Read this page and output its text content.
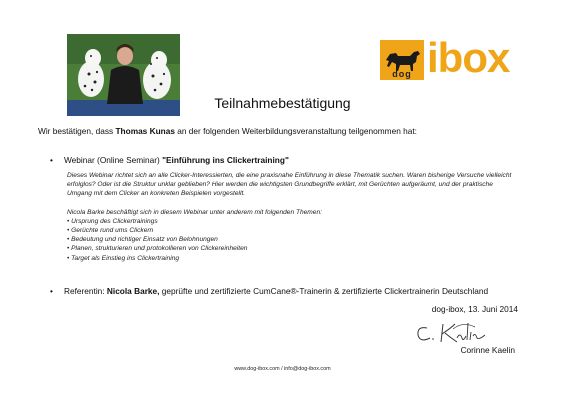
dog ibox
Teilnahmebestätigung
Wir bestätigen, dass Thomas Kunas an der folgenden Weiterbildungsveranstaltung teilgenommen hat:
• Webinar (Online Seminar) "Einführung ins Clickertraining"

Dieses Webinar richtet sich an alle Clicker-Interessierten, die eine praxisnahe Einführung in diese Thematik suchen. Waren bisherige Versuche vielleicht erfolglos? Oder ist die Struktur unklar geblieben? Hier werden die wichtigsten Grundbegriffe erklärt, mit Gerüchten aufgeräumt, und der praktische Umgang mit dem Clicker an konkreten Beispielen vorgestellt.

Nicola Barke beschäftigt sich in diesem Webinar unter anderem mit folgenden Themen:

• Ursprung des Clickertrainings

• Gerüchte rund ums Clickern

• Bedeutung und richtiger Einsatz von Belohnungen

• Planen, strukturieren und protokollieren von Clickereinheiten

• Target als Einstieg ins Clickertraining

• Referentin: Nicola Barke, geprüfte und zertifizierte CumCane®-Trainerin & zertifizierte Clickertrainerin Deutschland
dog-ibox, 13. Juni 2014
Corinne Kaelin
www.dog-ibox.com / info@dog-ibox.com
